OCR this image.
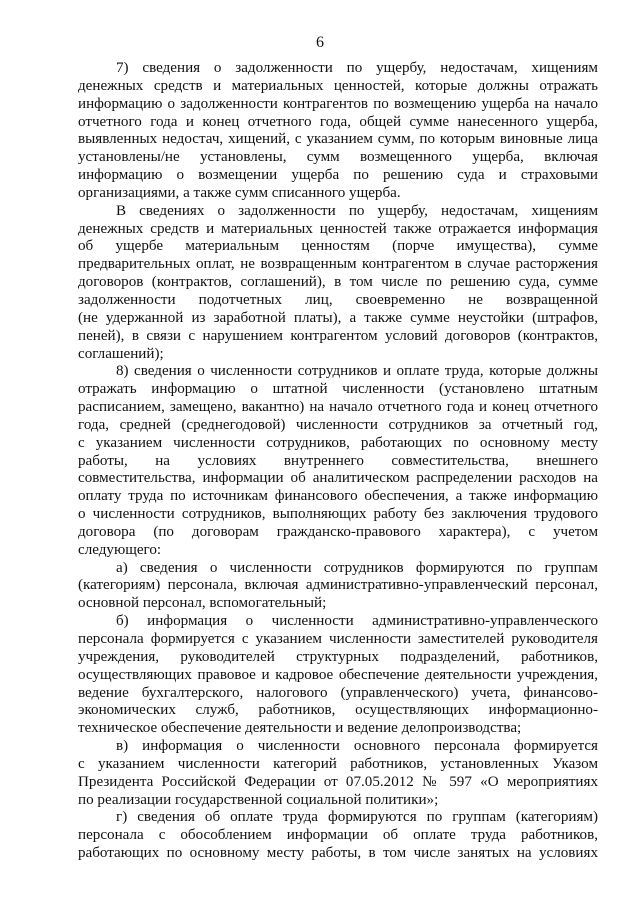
6
7) сведения о задолженности по ущербу, недостачам, хищениям
денежных средств и материальных ценностей, которые должны отражать
информацию о задолженности контрагентов по возмещению ущерба на начало
отчетного года и конец отчетного года, общей сумме нанесенного ущерба,
выявленных недостач, хищений, с указанием сумм, по которым виновные лица
установлены/не установлены, сумм возмещенного ущерба, включая
информацию о возмещении ущерба по решению суда и страховыми
организациями, а также сумм списанного ущерба.
В сведениях о задолженности по ущербу, недостачам, хищениям
денежных средств и материальных ценностей также отражается информация
об ущербе материальным ценностям (порче имущества), сумме
предварительных оплат, не возвращенным контрагентом в случае расторжения
договоров (контрактов, соглашений), в том числе по решению суда, сумме
задолженности подотчетных лиц, своевременно не возвращенной
(не удержанной из заработной платы), а также сумме неустойки (штрафов,
пеней), в связи с нарушением контрагентом условий договоров (контрактов,
соглашений);
8) сведения о численности сотрудников и оплате труда, которые должны
отражать информацию о штатной численности (установлено штатным
расписанием, замещено, вакантно) на начало отчетного года и конец отчетного
года, средней (среднегодовой) численности сотрудников за отчетный год,
с указанием численности сотрудников, работающих по основному месту
работы, на условиях внутреннего совместительства, внешнего
совместительства, информации об аналитическом распределении расходов на
оплату труда по источникам финансового обеспечения, а также информацию
о численности сотрудников, выполняющих работу без заключения трудового
договора (по договорам гражданско-правового характера), с учетом
следующего:
а) сведения о численности сотрудников формируются по группам
(категориям) персонала, включая административно-управленческий персонал,
основной персонал, вспомогательный;
б) информация о численности административно-управленческого
персонала формируется с указанием численности заместителей руководителя
учреждения, руководителей структурных подразделений, работников,
осуществляющих правовое и кадровое обеспечение деятельности учреждения,
ведение бухгалтерского, налогового (управленческого) учета, финансово-
экономических служб, работников, осуществляющих информационно-
техническое обеспечение деятельности и ведение делопроизводства;
в) информация о численности основного персонала формируется
с указанием численности категорий работников, установленных Указом
Президента Российской Федерации от 07.05.2012 № 597 «О мероприятиях
по реализации государственной социальной политики»;
г) сведения об оплате труда формируются по группам (категориям)
персонала с обособлением информации об оплате труда работников,
работающих по основному месту работы, в том числе занятых на условиях
